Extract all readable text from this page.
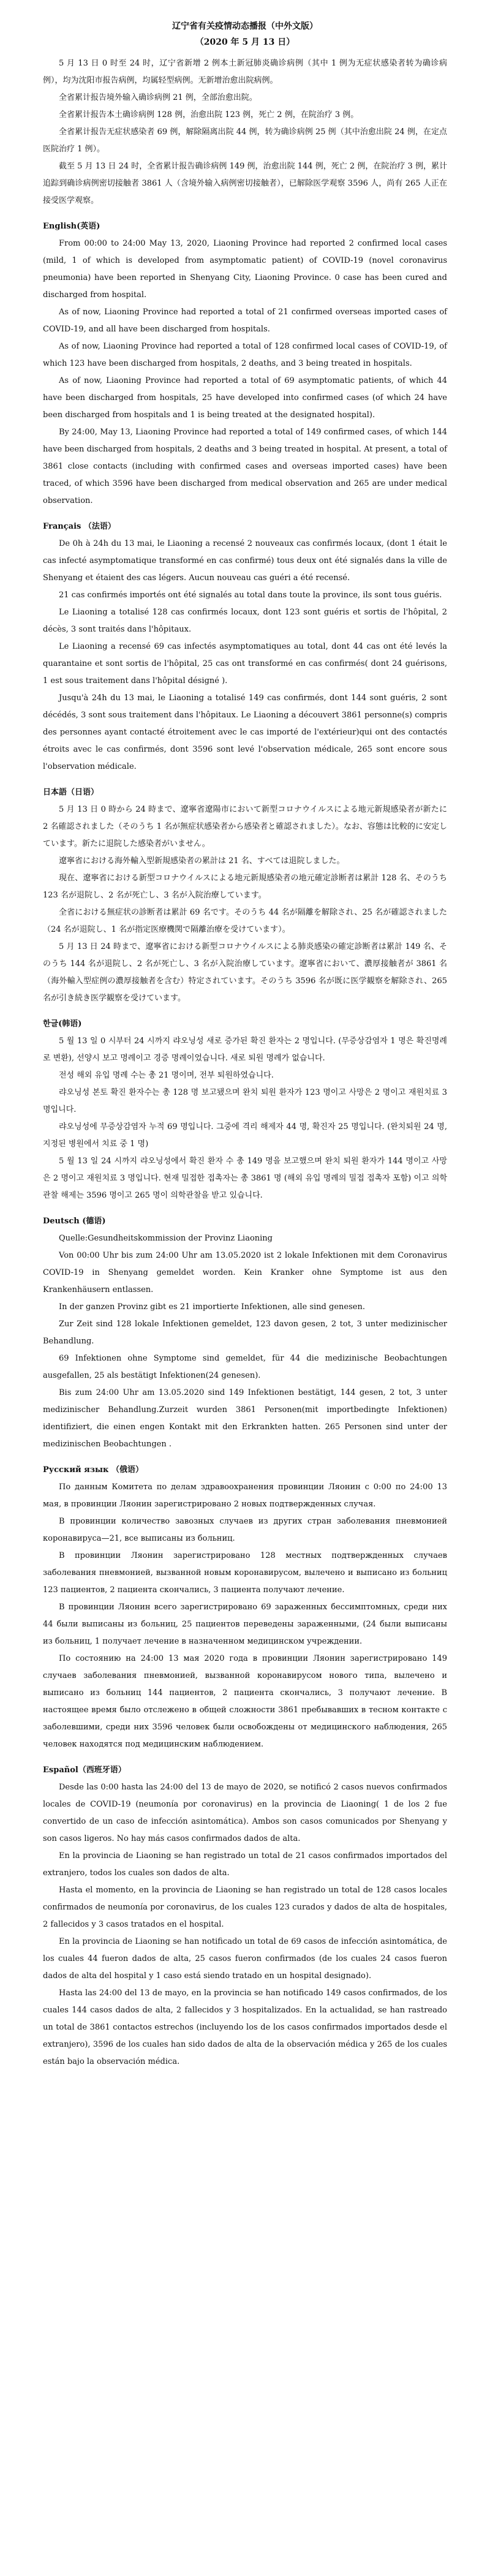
辽宁省有关疫情动态播报（中外文版）
（2020 年 5 月 13 日）

5 月 13 日 0 时至 24 时，辽宁省新增 2 例本土新冠肺炎确诊病例（其中 1 例为无症状感染者转为确诊病例），均为沈阳市报告病例，均属轻型病例。无新增治愈出院病例。

全省累计报告境外输入确诊病例 21 例，全部治愈出院。

全省累计报告本土确诊病例 128 例，治愈出院 123 例，死亡 2 例，在院治疗 3 例。

全省累计报告无症状感染者 69 例，解除隔离出院 44 例，转为确诊病例 25 例（其中治愈出院 24 例，在定点医院治疗 1 例）。

截至 5 月 13 日 24 时，全省累计报告确诊病例 149 例，治愈出院 144 例，死亡 2 例，在院治疗 3 例，累计追踪到确诊病例密切接触者 3861 人（含境外输入病例密切接触者），已解除医学观察 3596 人，尚有 265 人正在接受医学观察。

English(英语)

From 00:00 to 24:00 May 13, 2020, Liaoning Province had reported 2 confirmed local cases (mild, 1 of which is developed from asymptomatic patient) of COVID-19 (novel coronavirus pneumonia) have been reported in Shenyang City, Liaoning Province. 0 case has been cured and discharged from hospital.

As of now, Liaoning Province had reported a total of 21 confirmed overseas imported cases of COVID-19, and all have been discharged from hospitals.

As of now, Liaoning Province had reported a total of 128 confirmed local cases of COVID-19, of which 123 have been discharged from hospitals, 2 deaths, and 3 being treated in hospitals.

As of now, Liaoning Province had reported a total of 69 asymptomatic patients, of which 44 have been discharged from hospitals, 25 have developed into confirmed cases (of which 24 have been discharged from hospitals and 1 is being treated at the designated hospital).

By 24:00, May 13, Liaoning Province had reported a total of 149 confirmed cases, of which 144 have been discharged from hospitals, 2 deaths and 3 being treated in hospital. At present, a total of 3861 close contacts (including with confirmed cases and overseas imported cases) have been traced, of which 3596 have been discharged from medical observation and 265 are under medical observation.

Français （法语）

De 0h à 24h du 13 mai, le Liaoning a recensé 2 nouveaux cas confirmés locaux, (dont 1 était le cas infecté asymptomatique transformé en cas confirmé) tous deux ont été signalés dans la ville de Shenyang et étaient des cas légers. Aucun nouveau cas guéri a été recensé.

21 cas confirmés importés ont été signalés au total dans toute la province, ils sont tous guéris.

Le Liaoning a totalisé 128 cas confirmés locaux, dont 123 sont guéris et sortis de l'hôpital, 2 décès, 3 sont traités dans l'hôpitaux.

Le Liaoning a recensé 69 cas infectés asymptomatiques au total, dont 44 cas ont été levés la quarantaine et sont sortis de l'hôpital, 25 cas ont transformé en cas confirmés( dont 24 guérisons, 1 est sous traitement dans l'hôpital désigné ).

Jusqu'à 24h du 13 mai, le Liaoning a totalisé 149 cas confirmés, dont 144 sont guéris, 2 sont décédés, 3 sont sous traitement dans l'hôpitaux. Le Liaoning a découvert 3861 personne(s) compris des personnes ayant contacté étroitement avec le cas importé de l'extérieur)qui ont des contactés étroits avec le cas confirmés, dont 3596 sont levé l'observation médicale, 265 sont encore sous l'observation médicale.

日本語（日语）

5 月 13 日 0 時から 24 時まで、遼寧省遼陽市において新型コロナウイルスによる地元新規感染者が新たに 2 名確認されました（そのうち 1 名が無症状感染者から感染者と確認されました）。なお、容態は比較的に安定しています。新たに退院した感染者がいません。

遼寧省における海外輸入型新規感染者の累計は 21 名、すべては退院しました。

現在、遼寧省における新型コロナウイルスによる地元新規感染者の地元確定診断者は累計 128 名、そのうち 123 名が退院し、2 名が死亡し、3 名が入院治療しています。

全省における無症状の診断者は累計 69 名です。そのうち 44 名が隔離を解除され、25 名が確認されました（24 名が退院し、1 名が指定医療機関で隔離治療を受けています）。

5 月 13 日 24 時まで、遼寧省における新型コロナウイルスによる肺炎感染の確定診断者は累計 149 名、そのうち 144 名が退院し、2 名が死亡し、3 名が入院治療しています。遼寧省において、濃厚接触者が 3861 名（海外輸入型症例の濃厚接触者を含む）特定されています。そのうち 3596 名が既に医学観察を解除され、265 名が引き続き医学観察を受けています。

한글(韩语)

5 월 13 일 0 시부터 24 시까지 랴오닝성 새로 증가된 확진 환자는 2 명입니다. (무증상감염자 1 명은 확진명례로 변환), 선양시 보고 명례이고 경증 명례이었습니다. 새로 퇴원 명례가 없습니다.

전성 해외 유입 명례 수는 총 21 명이며, 전부 퇴원하였습니다.

랴오닝성 본토 확진 환자수는 총 128 명 보고됐으며 완치 퇴원 환자가 123 명이고 사망은 2 명이고 재원치료 3 명입니다.

랴오닝성에 무증상감염자 누적 69 명입니다. 그중에 격리 해제자 44 명, 확진자 25 명입니다. (완치퇴원 24 명, 지정된 병원에서 치료 중 1 명)

5 월 13 일 24 시까지 랴오닝성에서 확진 환자 수 총 149 명을 보고했으며 완치 퇴원 환자가 144 명이고 사망은 2 명이고 재원치료 3 명입니다. 현재 밀접한 접촉자는 총 3861 명 (해외 유입 명례의 밀접 접촉자 포함) 이고 의학 관찰 해제는 3596 명이고 265 명이 의학관찰을 받고 있습니다.

Deutsch (德语)

Quelle:Gesundheitskommission der Provinz Liaoning

Von 00:00 Uhr bis zum 24:00 Uhr am 13.05.2020 ist 2 lokale Infektionen mit dem Coronavirus COVID-19 in Shenyang gemeldet worden. Kein Kranker ohne Symptome ist aus den Krankenhäusern entlassen.

In der ganzen Provinz gibt es 21 importierte Infektionen, alle sind genesen.

Zur Zeit sind 128 lokale Infektionen gemeldet, 123 davon gesen, 2 tot, 3 unter medizinischer Behandlung.

69 Infektionen ohne Symptome sind gemeldet, für 44 die medizinische Beobachtungen ausgefallen, 25 als bestätigt Infektionen(24 genesen).

Bis zum 24:00 Uhr am 13.05.2020 sind 149 Infektionen bestätigt, 144 gesen, 2 tot, 3 unter medizinischer Behandlung.Zurzeit wurden 3861 Personen(mit importbedingte Infektionen) identifiziert, die einen engen Kontakt mit den Erkrankten hatten. 265 Personen sind unter der medizinischen Beobachtungen .

Русский язык （俄语）

По данным Комитета по делам здравоохранения провинции Ляонин с 0:00 по 24:00 13 мая, в провинции Ляонин зарегистрировано 2 новых подтвержденных случая.

В провинции количество завозных случаев из других стран заболевания пневмонией коронавируса—21, все выписаны из больниц.

В провинции Ляонин зарегистрировано 128 местных подтвержденных случаев заболевания пневмонией, вызванной новым коронавирусом, вылечено и выписано из больниц 123 пациентов, 2 пациента скончались, 3 пациента получают лечение.

В провинции Ляонин всего зарегистрировано 69 зараженных бессимптомных, среди них 44 были выписаны из больниц, 25 пациентов переведены зараженными, (24 были выписаны из больниц, 1 получает лечение в назначенном медицинском учреждении.

По состоянию на 24:00 13 мая 2020 года в провинции Ляонин зарегистрировано 149 случаев заболевания пневмонией, вызванной коронавирусом нового типа, вылечено и выписано из больниц 144 пациентов, 2 пациента скончались, 3 получают лечение. В настоящее время было отслежено в общей сложности 3861 пребывавших в тесном контакте с заболевшими, среди них 3596 человек были освобождены от медицинского наблюдения, 265 человек находятся под медицинским наблюдением.

Español（西班牙语）

Desde las 0:00 hasta las 24:00 del 13 de mayo de 2020, se notificó 2 casos nuevos confirmados locales de COVID-19 (neumonía por coronavirus) en la provincia de Liaoning( 1 de los 2 fue convertido de un caso de infección asintomática). Ambos son casos comunicados por Shenyang y son casos ligeros. No hay más casos confirmados dados de alta.

En la provincia de Liaoning se han registrado un total de 21 casos confirmados importados del extranjero, todos los cuales son dados de alta.

Hasta el momento, en la provincia de Liaoning se han registrado un total de 128 casos locales confirmados de neumonía por coronavirus, de los cuales 123 curados y dados de alta de hospitales, 2 fallecidos y 3 casos tratados en el hospital.

En la provincia de Liaoning se han notificado un total de 69 casos de infección asintomática, de los cuales 44 fueron dados de alta, 25 casos fueron confirmados (de los cuales 24 casos fueron dados de alta del hospital y 1 caso está siendo tratado en un hospital designado).

Hasta las 24:00 del 13 de mayo, en la provincia se han notificado 149 casos confirmados, de los cuales 144 casos dados de alta, 2 fallecidos y 3 hospitalizados. En la actualidad, se han rastreado un total de 3861 contactos estrechos (incluyendo los de los casos confirmados importados desde el extranjero), 3596 de los cuales han sido dados de alta de la observación médica y 265 de los cuales están bajo la observación médica.
